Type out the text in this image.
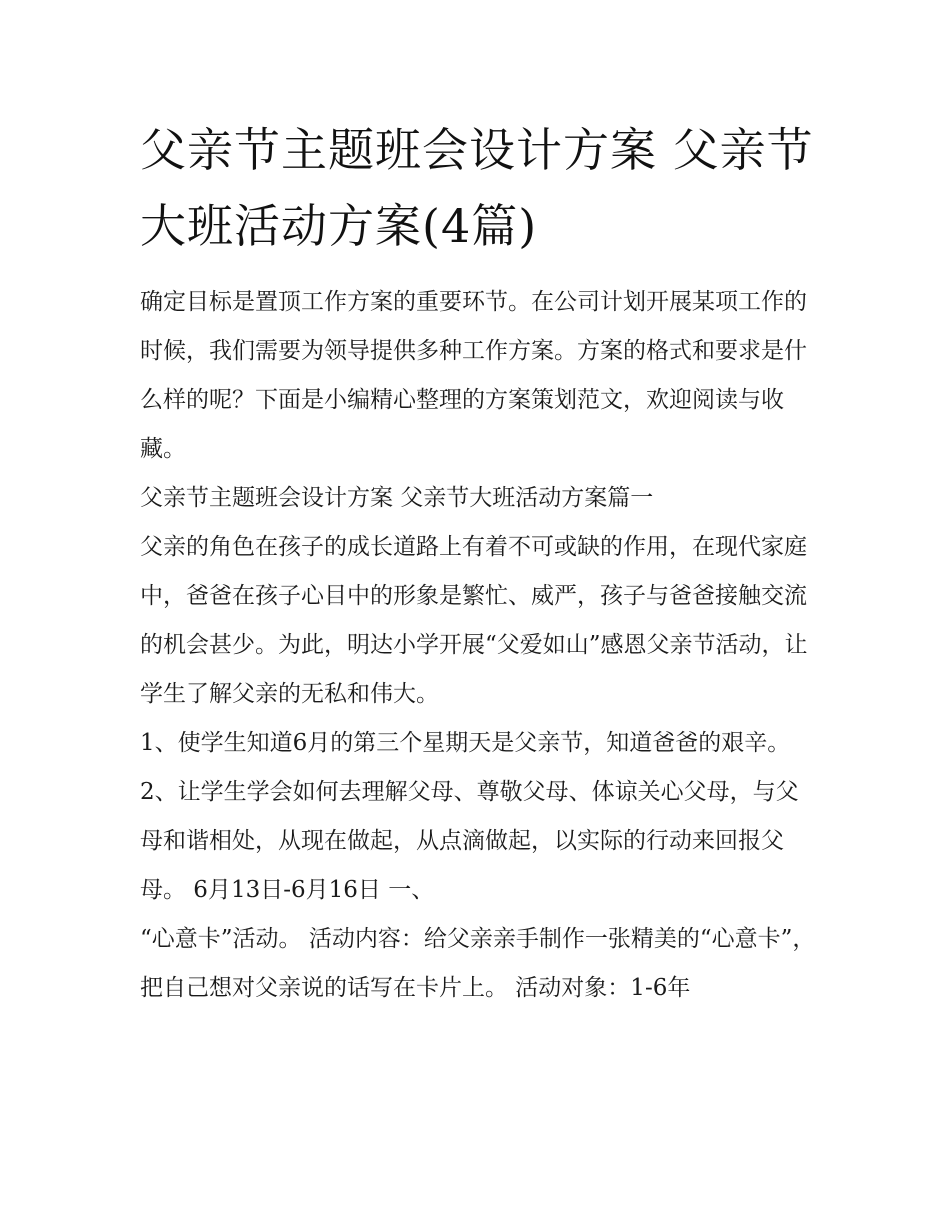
父亲节主题班会设计方案 父亲节大班活动方案(4篇)

确定目标是置顶工作方案的重要环节。在公司计划开展某项工作的时候，我们需要为领导提供多种工作方案。方案的格式和要求是什么样的呢？下面是小编精心整理的方案策划范文，欢迎阅读与收藏。

父亲节主题班会设计方案 父亲节大班活动方案篇一

父亲的角色在孩子的成长道路上有着不可或缺的作用，在现代家庭中，爸爸在孩子心目中的形象是繁忙、威严，孩子与爸爸接触交流的机会甚少。为此，明达小学开展“父爱如山”感恩父亲节活动，让学生了解父亲的无私和伟大。

1、使学生知道6月的第三个星期天是父亲节，知道爸爸的艰辛。

2、让学生学会如何去理解父母、尊敬父母、体谅关心父母，与父母和谐相处，从现在做起，从点滴做起，以实际的行动来回报父母。 6月13日-6月16日 一、

“心意卡”活动。 活动内容：给父亲亲手制作一张精美的“心意卡”，把自己想对父亲说的话写在卡片上。 活动对象：1-6年
